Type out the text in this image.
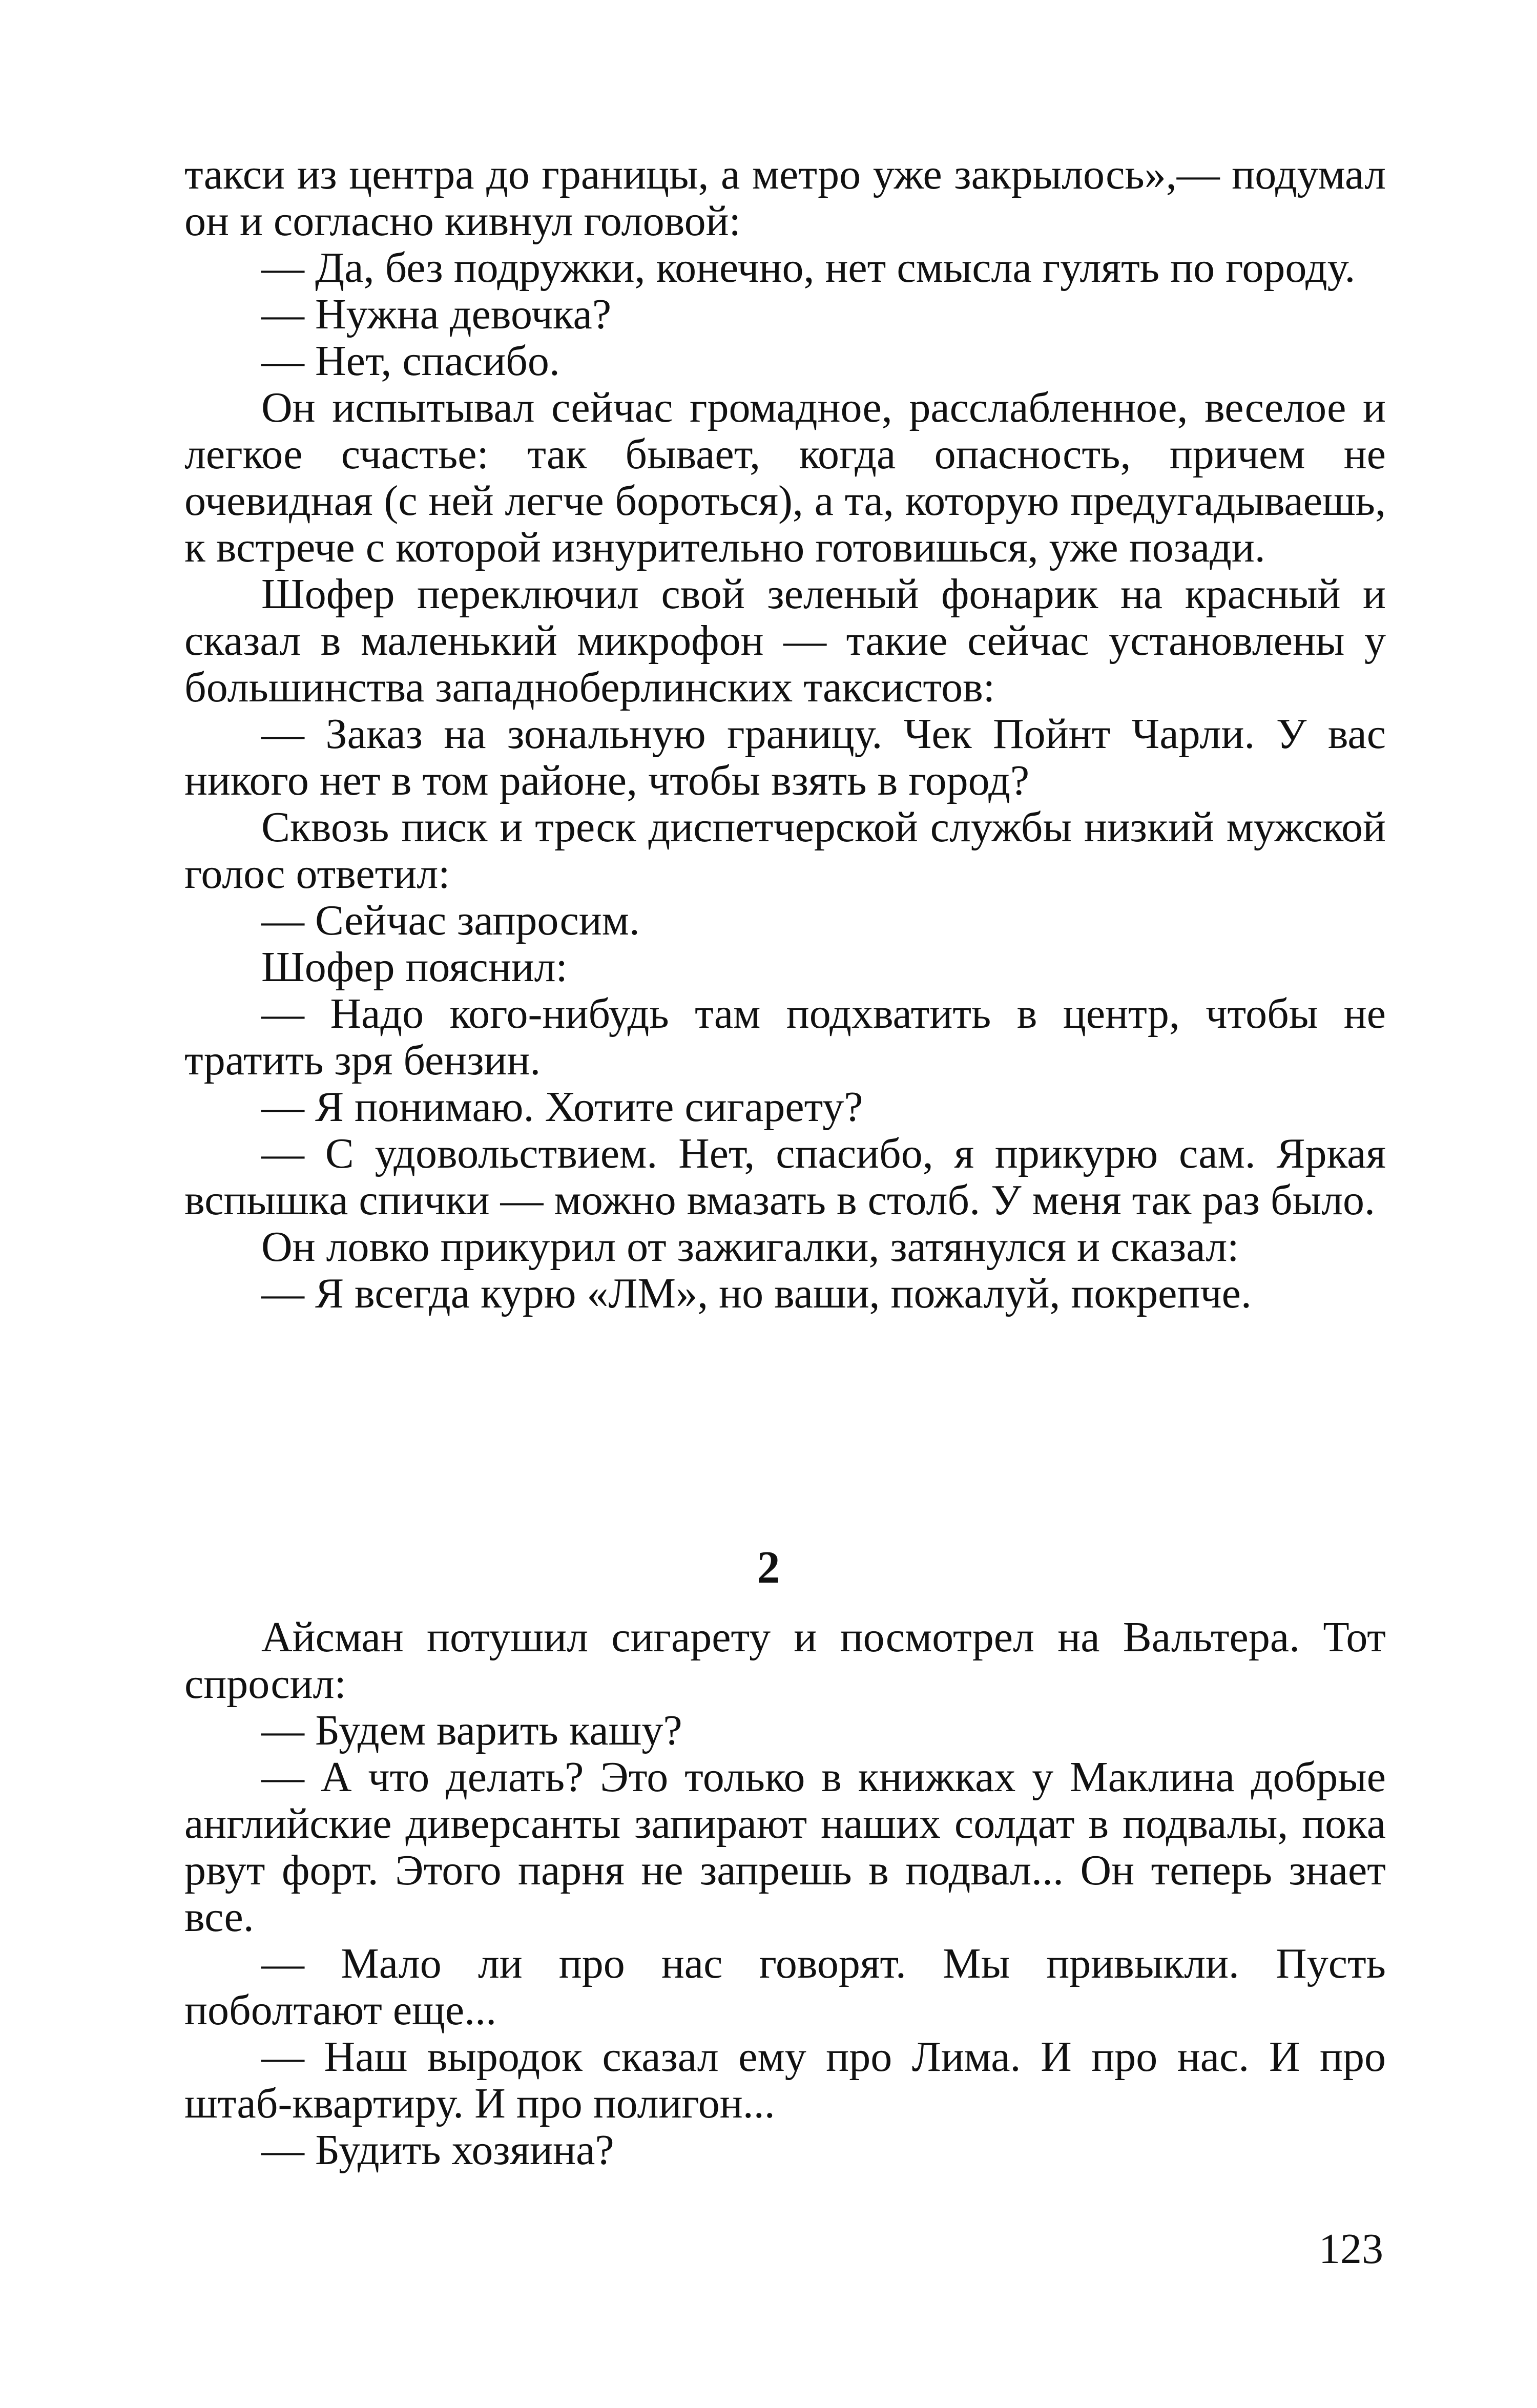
такси из центра до границы, а метро уже закрылось»,— подумал он и согласно кивнул головой:

— Да, без подружки, конечно, нет смысла гулять по городу.

— Нужна девочка?

— Нет, спасибо.

Он испытывал сейчас громадное, расслабленное, веселое и легкое счастье: так бывает, когда опасность, причем не очевидная (с ней легче бороться), а та, которую предугадываешь, к встрече с которой изнурительно готовишься, уже позади.

Шофер переключил свой зеленый фонарик на красный и сказал в маленький микрофон — такие сейчас установлены у большинства западноберлинских таксистов:

— Заказ на зональную границу. Чек Пойнт Чарли. У вас никого нет в том районе, чтобы взять в город?

Сквозь писк и треск диспетчерской службы низкий мужской голос ответил:

— Сейчас запросим.

Шофер пояснил:

— Надо кого-нибудь там подхватить в центр, чтобы не тратить зря бензин.

— Я понимаю. Хотите сигарету?

— С удовольствием. Нет, спасибо, я прикурю сам. Яркая вспышка спички — можно вмазать в столб. У меня так раз было.

Он ловко прикурил от зажигалки, затянулся и сказал:

— Я всегда курю «ЛМ», но ваши, пожалуй, покрепче.

2

Айсман потушил сигарету и посмотрел на Вальтера. Тот спросил:

— Будем варить кашу?

— А что делать? Это только в книжках у Маклина добрые английские диверсанты запирают наших солдат в подвалы, пока рвут форт. Этого парня не запрешь в подвал... Он теперь знает все.

— Мало ли про нас говорят. Мы привыкли. Пусть поболтают еще...

— Наш выродок сказал ему про Лима. И про нас. И про штаб-квартиру. И про полигон...

— Будить хозяина?

123
